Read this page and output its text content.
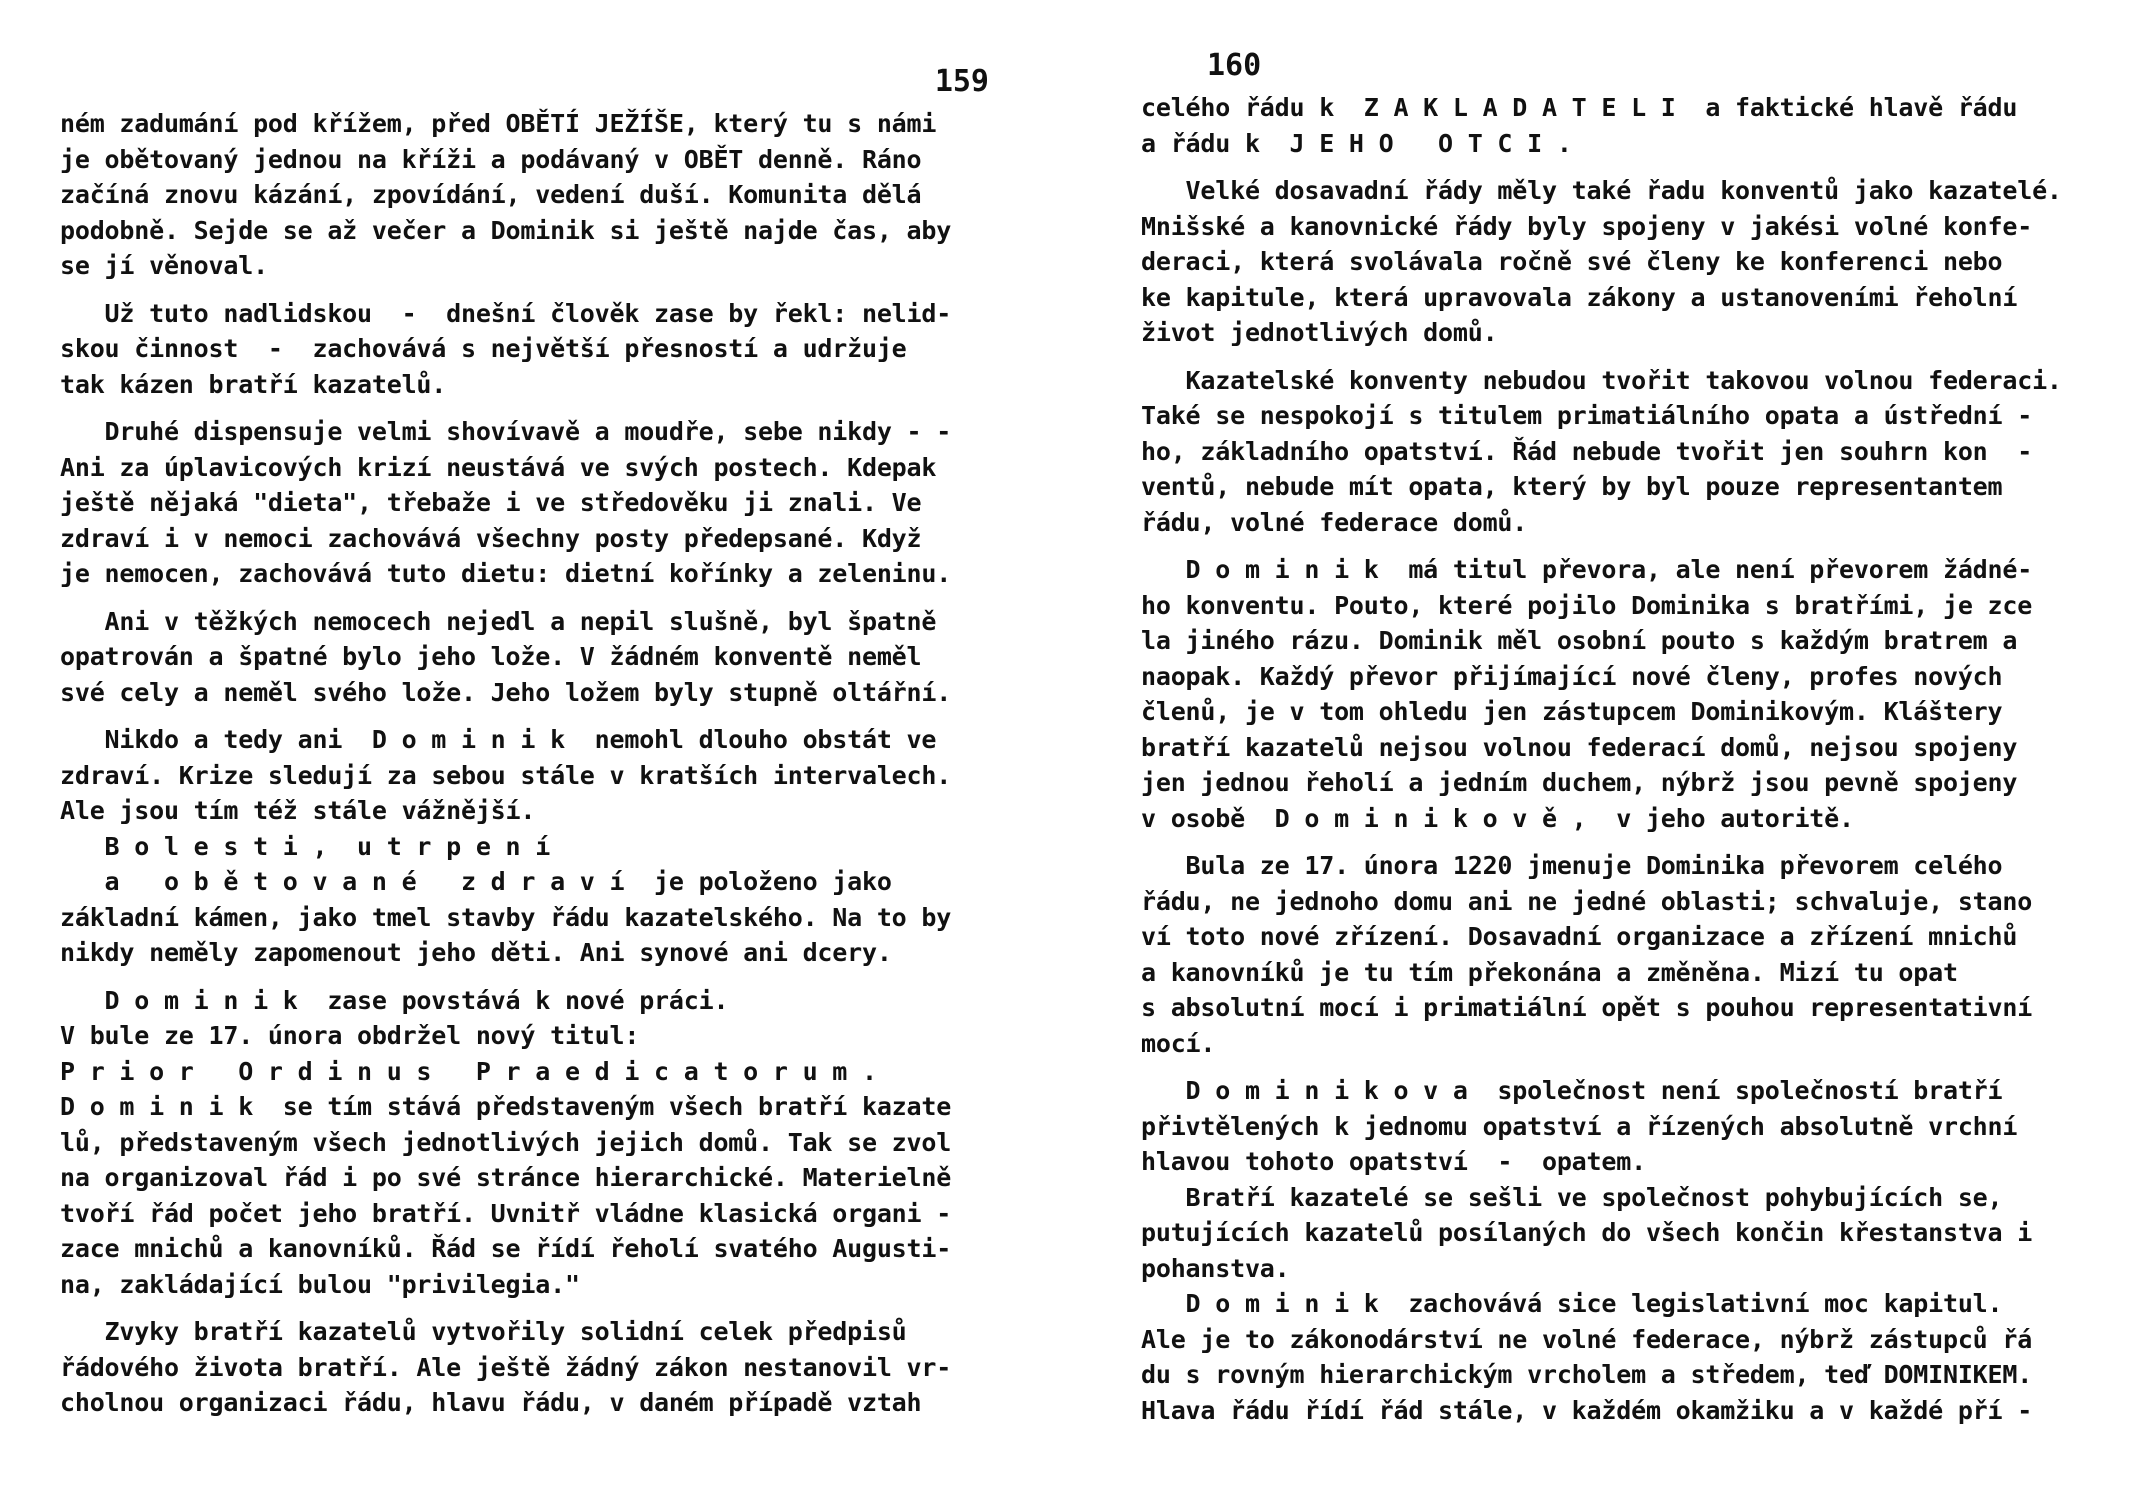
159
ném zadumání pod křížem, před OBĚTÍ JEŽÍŠE, který tu s námi
je obětovaný jednou na kříži a podávaný v OBĚT denně. Ráno
začíná znovu kázání, zpovídání, vedení duší. Komunita dělá
podobně. Sejde se až večer a Dominik si ještě najde čas, aby
se jí věnoval.
Už tuto nadlidskou  -  dnešní člověk zase by řekl: nelid-
skou činnost  -  zachovává s největší přesností a udržuje
tak kázen bratří kazatelů.
Druhé dispensuje velmi shovívavě a moudře, sebe nikdy - -
Ani za úplavicových krizí neustává ve svých postech. Kdepak
ještě nějaká "dieta", třebaže i ve středověku ji znali. Ve
zdraví i v nemoci zachovává všechny posty předepsané. Když
je nemocen, zachovává tuto dietu: dietní kořínky a zeleninu.
Ani v těžkých nemocech nejedl a nepil slušně, byl špatně
opatrován a špatné bylo jeho lože. V žádném konventě neměl
své cely a neměl svého lože. Jeho ložem byly stupně oltářní.
Nikdo a tedy ani  D o m i n i k  nemohl dlouho obstát ve
zdraví. Krize sledují za sebou stále v kratších intervalech.
Ale jsou tím též stále vážnější.
B o l e s t i ,  u t r p e n í
a   o b ě t o v a n é   z d r a v í  je položeno jako
základní kámen, jako tmel stavby řádu kazatelského. Na to by
nikdy neměly zapomenout jeho děti. Ani synové ani dcery.
D o m i n i k  zase povstává k nové práci.
V bule ze 17. února obdržel nový titul:
P r i o r   O r d i n u s   P r a e d i c a t o r u m .
D o m i n i k  se tím stává představeným všech bratří kazate
lů, představeným všech jednotlivých jejich domů. Tak se zvol
na organizoval řád i po své stránce hierarchické. Materielně
tvoří řád počet jeho bratří. Uvnitř vládne klasická organi -
zace mnichů a kanovníků. Řád se řídí řeholí svatého Augusti-
na, zakládající bulou "privilegia."
Zvyky bratří kazatelů vytvořily solidní celek předpisů
řádového života bratří. Ale ještě žádný zákon nestanovil vr-
cholnou organizaci řádu, hlavu řádu, v daném případě vztah
160
celého řádu k  Z A K L A D A T E L I  a faktické hlavě řádu
a řádu k  J E H O   O T C I .
Velké dosavadní řády měly také řadu konventů jako kazatelé.
Mnišské a kanovnické řády byly spojeny v jakési volné konfe-
deraci, která svolávala ročně své členy ke konferenci nebo
ke kapitule, která upravovala zákony a ustanoveními řeholní
život jednotlivých domů.
Kazatelské konventy nebudou tvořit takovou volnou federaci.
Také se nespokojí s titulem primatiálního opata a ústřední -
ho, základního opatství. Řád nebude tvořit jen souhrn kon  -
ventů, nebude mít opata, který by byl pouze representantem
řádu, volné federace domů.
D o m i n i k  má titul převora, ale není převorem žádné-
ho konventu. Pouto, které pojilo Dominika s bratřími, je zce
la jiného rázu. Dominik měl osobní pouto s každým bratrem a
naopak. Každý převor přijímající nové členy, profes nových
členů, je v tom ohledu jen zástupcem Dominikovým. Kláštery
bratří kazatelů nejsou volnou federací domů, nejsou spojeny
jen jednou řeholí a jedním duchem, nýbrž jsou pevně spojeny
v osobě  D o m i n i k o v ě ,  v jeho autoritě.
Bula ze 17. února 1220 jmenuje Dominika převorem celého
řádu, ne jednoho domu ani ne jedné oblasti; schvaluje, stano
ví toto nové zřízení. Dosavadní organizace a zřízení mnichů
a kanovníků je tu tím překonána a změněna. Mizí tu opat
s absolutní mocí i primatiální opět s pouhou representativní
mocí.
D o m i n i k o v a  společnost není společností bratří
přivtělených k jednomu opatství a řízených absolutně vrchní
hlavou tohoto opatství  -  opatem.
Bratří kazatelé se sešli ve společnost pohybujících se,
putujících kazatelů posílaných do všech končin křestanstva i
pohanstva.
D o m i n i k  zachovává sice legislativní moc kapitul.
Ale je to zákonodárství ne volné federace, nýbrž zástupců řá
du s rovným hierarchickým vrcholem a středem, teď DOMINIKEM.
Hlava řádu řídí řád stále, v každém okamžiku a v každé pří -
